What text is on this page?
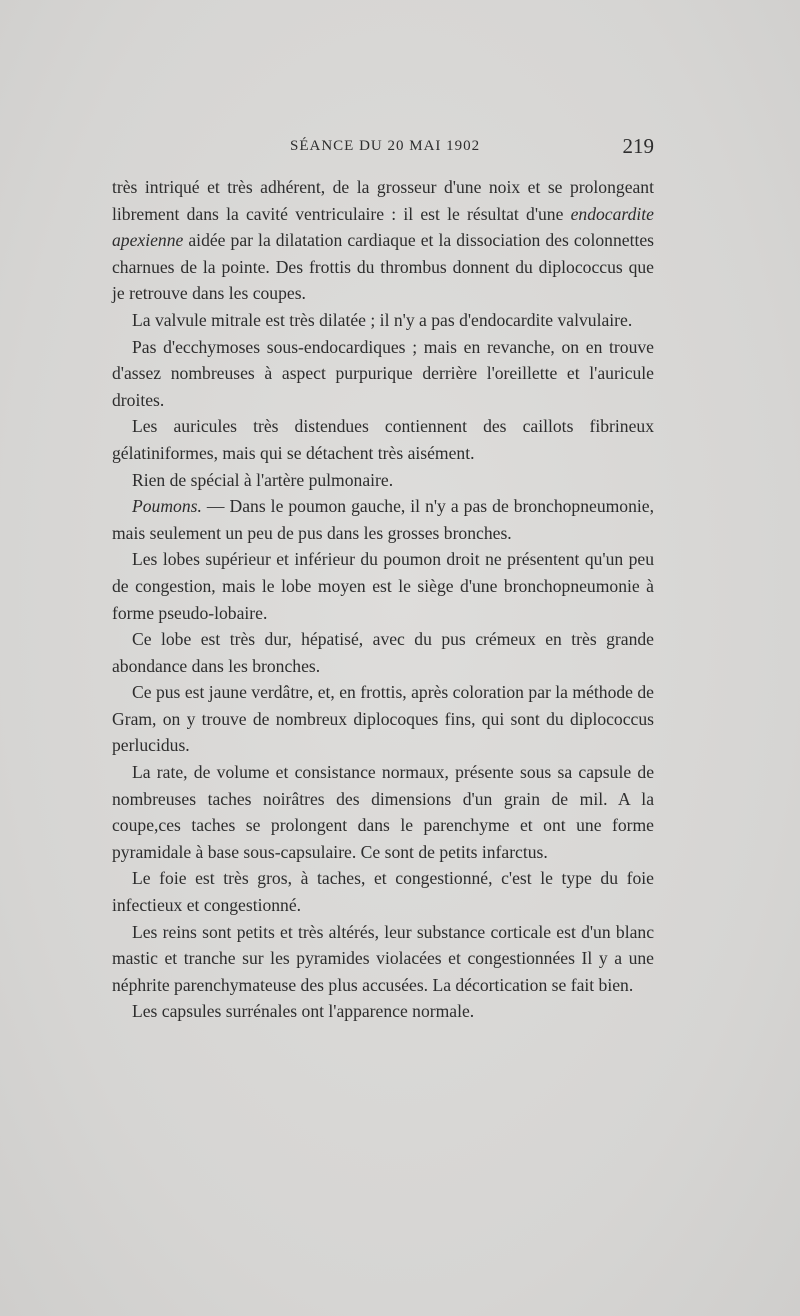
SÉANCE DU 20 MAI 1902	219

très intriqué et très adhérent, de la grosseur d'une noix et se prolongeant librement dans la cavité ventriculaire : il est le résultat d'une endocardite apexienne aidée par la dilatation cardiaque et la dissociation des colonnettes charnues de la pointe. Des frottis du thrombus donnent du diplococcus que je retrouve dans les coupes.

La valvule mitrale est très dilatée ; il n'y a pas d'endocardite valvulaire.

Pas d'ecchymoses sous-endocardiques ; mais en revanche, on en trouve d'assez nombreuses à aspect purpurique derrière l'oreillette et l'auricule droites.

Les auricules très distendues contiennent des caillots fibrineux gélatiniformes, mais qui se détachent très aisément.

Rien de spécial à l'artère pulmonaire.

Poumons. — Dans le poumon gauche, il n'y a pas de bronchopneumonie, mais seulement un peu de pus dans les grosses bronches.

Les lobes supérieur et inférieur du poumon droit ne présentent qu'un peu de congestion, mais le lobe moyen est le siège d'une bronchopneumonie à forme pseudo-lobaire.

Ce lobe est très dur, hépatisé, avec du pus crémeux en très grande abondance dans les bronches.

Ce pus est jaune verdâtre, et, en frottis, après coloration par la méthode de Gram, on y trouve de nombreux diplocoques fins, qui sont du diplococcus perlucidus.

La rate, de volume et consistance normaux, présente sous sa capsule de nombreuses taches noirâtres des dimensions d'un grain de mil. A la coupe,ces taches se prolongent dans le parenchyme et ont une forme pyramidale à base sous-capsulaire. Ce sont de petits infarctus.

Le foie est très gros, à taches, et congestionné, c'est le type du foie infectieux et congestionné.

Les reins sont petits et très altérés, leur substance corticale est d'un blanc mastic et tranche sur les pyramides violacées et congestionnées Il y a une néphrite parenchymateuse des plus accusées. La décortication se fait bien.

Les capsules surrénales ont l'apparence normale.
